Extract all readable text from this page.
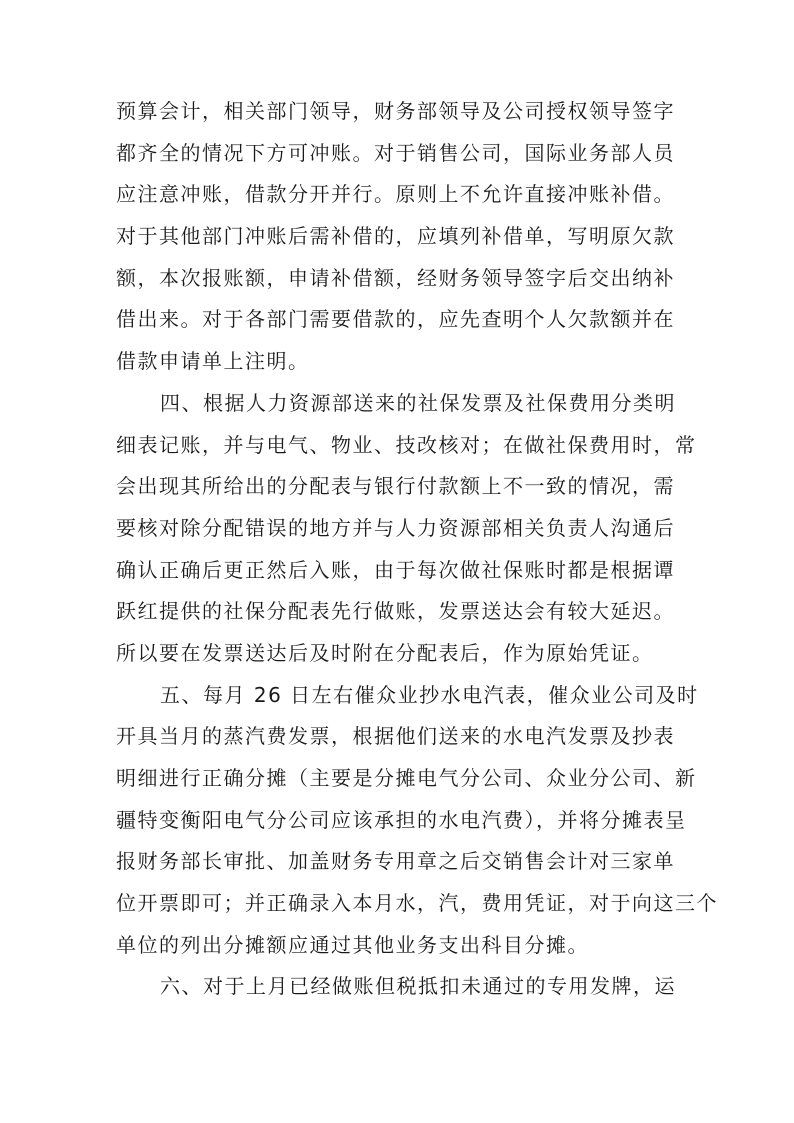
预算会计，相关部门领导，财务部领导及公司授权领导签字
都齐全的情况下方可冲账。对于销售公司，国际业务部人员
应注意冲账，借款分开并行。原则上不允许直接冲账补借。
对于其他部门冲账后需补借的，应填列补借单，写明原欠款
额，本次报账额，申请补借额，经财务领导签字后交出纳补
借出来。对于各部门需要借款的，应先查明个人欠款额并在
借款申请单上注明。
四、根据人力资源部送来的社保发票及社保费用分类明
细表记账，并与电气、物业、技改核对；在做社保费用时，常
会出现其所给出的分配表与银行付款额上不一致的情况，需
要核对除分配错误的地方并与人力资源部相关负责人沟通后
确认正确后更正然后入账，由于每次做社保账时都是根据谭
跃红提供的社保分配表先行做账，发票送达会有较大延迟。
所以要在发票送达后及时附在分配表后，作为原始凭证。
五、每月 26 日左右催众业抄水电汽表，催众业公司及时
开具当月的蒸汽费发票，根据他们送来的水电汽发票及抄表
明细进行正确分摊（主要是分摊电气分公司、众业分公司、新
疆特变衡阳电气分公司应该承担的水电汽费），并将分摊表呈
报财务部长审批、加盖财务专用章之后交销售会计对三家单
位开票即可；并正确录入本月水，汽，费用凭证，对于向这三个
单位的列出分摊额应通过其他业务支出科目分摊。
六、对于上月已经做账但税抵扣未通过的专用发牌，运
